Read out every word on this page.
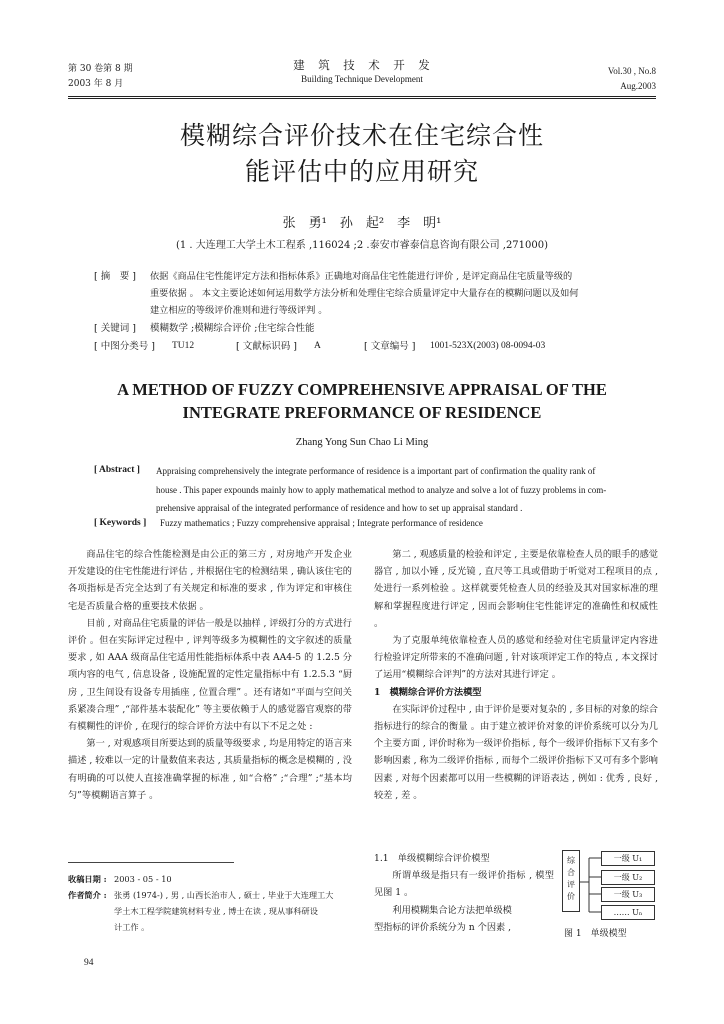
第 30 卷第 8 期
2003 年 8 月
建　筑　技　术　开　发
Building Technique Development
Vol.30 , No.8
Aug.2003
模糊综合评价技术在住宅综合性
能评估中的应用研究
张　勇¹　孙　起²　李　明¹
(1 . 大连理工大学土木工程系 ,116024 ;2 .泰安市睿泰信息咨询有限公司 ,271000)
[ 摘　要 ] 依据《商品住宅性能评定方法和指标体系》正确地对商品住宅性能进行评价 , 是评定商品住宅质量等级的
重要依据 。 本文主要论述如何运用数学方法分析和处理住宅综合质量评定中大量存在的模糊问题以及如何
建立相应的等级评价准则和进行等级评判 。
[ 关键词 ] 模糊数学 ;模糊综合评价 ;住宅综合性能
[ 中图分类号 ] TU12	[ 文献标识码 ] A	[ 文章编号 ] 1001-523X(2003) 08-0094-03
A METHOD OF FUZZY COMPREHENSIVE APPRAISAL OF THE
INTEGRATE PREFORMANCE OF RESIDENCE
Zhang Yong Sun Chao Li Ming
[ Abstract ] Appraising comprehensively the integrate performance of residence is a important part of confirmation the quality rank of
house . This paper expounds mainly how to apply mathematical method to analyze and solve a lot of fuzzy problems in com-
prehensive appraisal of the integrated performance of residence and how to set up appraisal standard .
[ Keywords ] Fuzzy mathematics ; Fuzzy comprehensive appraisal ; Integrate performance of residence

商品住宅的综合性能检测是由公正的第三方 , 对房地产开发企业开发建设的住宅性能进行评估 , 并根据住宅的检测结果 , 确认该住宅的各项指标是否完全达到了有关规定和标准的要求 , 作为评定和审核住宅是否质量合格的重要技术依据 。

目前 , 对商品住宅质量的评估一般是以抽样 , 评级打分的方式进行评价 。但在实际评定过程中 , 评判等级多为模糊性的文字叙述的质量要求 , 如 AAA 级商品住宅适用性能指标体系中表 AA4-5 的 1.2.5 分项内容的电气 , 信息设备 , 设施配置的定性定量指标中有 1.2.5.3 “厨房 , 卫生间设有设备专用插座 , 位置合理” 。还有诸如“平面与空间关系紧凑合理” ,“部件基本装配化” 等主要依赖于人的感觉器官观察的带有模糊性的评价 , 在现行的综合评价方法中有以下不足之处 :

第一 , 对观感项目所要达到的质量等级要求 , 均是用特定的语言来描述 , 较难以一定的计量数值来表达 , 其质量指标的概念是模糊的 , 没有明确的可以使人直接准确掌握的标准 , 如“合格” ;“合理” ;“基本均匀”等模糊语言算子 。

收稿日期 : 2003 - 05 - 10
作者简介 : 张勇 (1974-) , 男 , 山西长治市人 , 硕士 , 毕业于大连理工大
学土木工程学院建筑材料专业 , 博士在读 , 现从事科研设
计工作 。

第二 , 观感质量的检验和评定 , 主要是依靠检查人员的眼手的感觉器官 , 加以小锤 , 反光镜 , 直尺等工具或借助于听觉对工程项目的点 , 处进行一系列检验 。这样就要凭检查人员的经验及其对国家标准的理解和掌握程度进行评定 , 因而会影响住宅性能评定的准确性和权威性 。

为了克服单纯依靠检查人员的感觉和经验对住宅质量评定内容进行检验评定所带来的不准确问题 , 针对该项评定工作的特点 , 本文探讨了运用“模糊综合评判”的方法对其进行评定 。

1　模糊综合评价方法模型

在实际评价过程中 , 由于评价是要对复杂的 , 多目标的对象的综合指标进行的综合的衡量 。由于建立被评价对象的评价系统可以分为几个主要方面 , 评价时称为一级评价指标 , 每个一级评价指标下又有多个影响因素 , 称为二级评价指标 , 而每个二级评价指标下又可有多个影响因素 , 对每个因素都可以用一些模糊的评语表达 , 例如 : 优秀 , 良好 , 较差 , 差 。

1.1　单级模糊综合评价模型

所谓单级是指只有一级评价指标 , 模型见图 1 。

利用模糊集合论方法把单级模

型指标的评价系统分为 n 个因素 ,

综合评价
一级 U₁
一级 U₂
一级 U₃
…… Uₙ
图 1　单级模型
94
